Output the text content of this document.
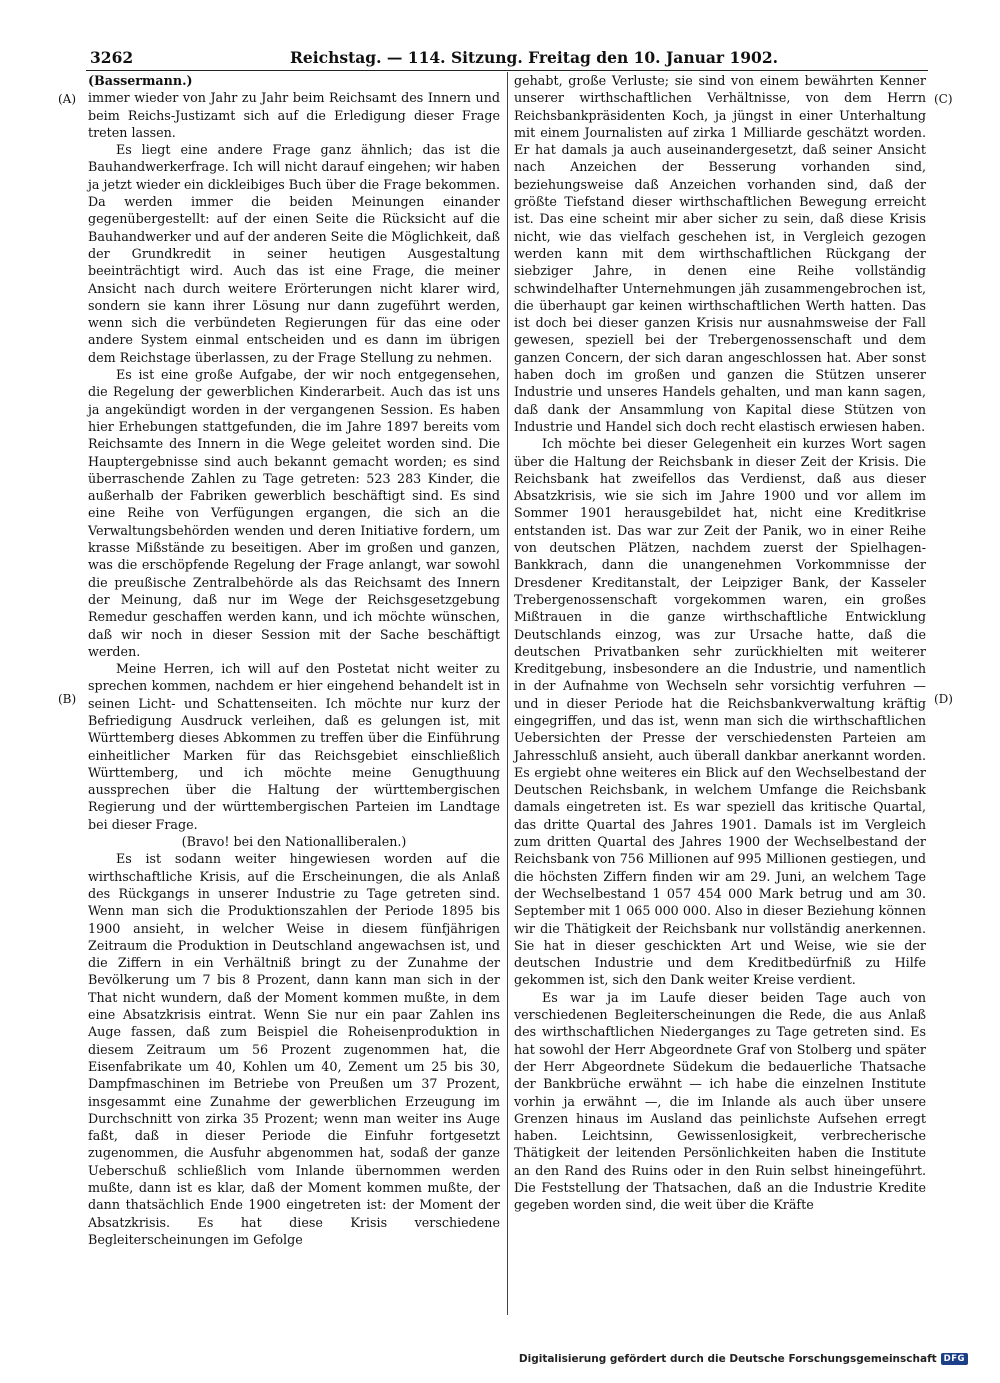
3262	Reichstag. — 114. Sitzung. Freitag den 10. Januar 1902.
(A)
(B)
(C)
(D)

(Bassermann.)

immer wieder von Jahr zu Jahr beim Reichsamt des Innern und beim Reichs-Justizamt sich auf die Erledigung dieser Frage treten lassen.

Es liegt eine andere Frage ganz ähnlich; das ist die Bauhandwerkerfrage. Ich will nicht darauf eingehen; wir haben ja jetzt wieder ein dickleibiges Buch über die Frage bekommen. Da werden immer die beiden Meinungen einander gegenübergestellt: auf der einen Seite die Rücksicht auf die Bauhandwerker und auf der anderen Seite die Möglichkeit, daß der Grundkredit in seiner heutigen Ausgestaltung beeinträchtigt wird. Auch das ist eine Frage, die meiner Ansicht nach durch weitere Erörterungen nicht klarer wird, sondern sie kann ihrer Lösung nur dann zugeführt werden, wenn sich die verbündeten Regierungen für das eine oder andere System einmal entscheiden und es dann im übrigen dem Reichstage überlassen, zu der Frage Stellung zu nehmen.

Es ist eine große Aufgabe, der wir noch entgegensehen, die Regelung der gewerblichen Kinderarbeit. Auch das ist uns ja angekündigt worden in der vergangenen Session. Es haben hier Erhebungen stattgefunden, die im Jahre 1897 bereits vom Reichsamte des Innern in die Wege geleitet worden sind. Die Hauptergebnisse sind auch bekannt gemacht worden; es sind überraschende Zahlen zu Tage getreten: 523 283 Kinder, die außerhalb der Fabriken gewerblich beschäftigt sind. Es sind eine Reihe von Verfügungen ergangen, die sich an die Verwaltungsbehörden wenden und deren Initiative fordern, um krasse Mißstände zu beseitigen. Aber im großen und ganzen, was die erschöpfende Regelung der Frage anlangt, war sowohl die preußische Zentralbehörde als das Reichsamt des Innern der Meinung, daß nur im Wege der Reichsgesetzgebung Remedur geschaffen werden kann, und ich möchte wünschen, daß wir noch in dieser Session mit der Sache beschäftigt werden.

Meine Herren, ich will auf den Postetat nicht weiter zu sprechen kommen, nachdem er hier eingehend behandelt ist in seinen Licht- und Schattenseiten. Ich möchte nur kurz der Befriedigung Ausdruck verleihen, daß es gelungen ist, mit Württemberg dieses Abkommen zu treffen über die Einführung einheitlicher Marken für das Reichsgebiet einschließlich Württemberg, und ich möchte meine Genugthuung aussprechen über die Haltung der württembergischen Regierung und der württembergischen Parteien im Landtage bei dieser Frage.

(Bravo! bei den Nationalliberalen.)

Es ist sodann weiter hingewiesen worden auf die wirthschaftliche Krisis, auf die Erscheinungen, die als Anlaß des Rückgangs in unserer Industrie zu Tage getreten sind. Wenn man sich die Produktionszahlen der Periode 1895 bis 1900 ansieht, in welcher Weise in diesem fünfjährigen Zeitraum die Produktion in Deutschland angewachsen ist, und die Ziffern in ein Verhältniß bringt zu der Zunahme der Bevölkerung um 7 bis 8 Prozent, dann kann man sich in der That nicht wundern, daß der Moment kommen mußte, in dem eine Absatzkrisis eintrat. Wenn Sie nur ein paar Zahlen ins Auge fassen, daß zum Beispiel die Roheisenproduktion in diesem Zeitraum um 56 Prozent zugenommen hat, die Eisenfabrikate um 40, Kohlen um 40, Zement um 25 bis 30, Dampfmaschinen im Betriebe von Preußen um 37 Prozent, insgesammt eine Zunahme der gewerblichen Erzeugung im Durchschnitt von zirka 35 Prozent; wenn man weiter ins Auge faßt, daß in dieser Periode die Einfuhr fortgesetzt zugenommen, die Ausfuhr abgenommen hat, sodaß der ganze Ueberschuß schließlich vom Inlande übernommen werden mußte, dann ist es klar, daß der Moment kommen mußte, der dann thatsächlich Ende 1900 eingetreten ist: der Moment der Absatzkrisis. Es hat diese Krisis verschiedene Begleiterscheinungen im Gefolge

gehabt, große Verluste; sie sind von einem bewährten Kenner unserer wirthschaftlichen Verhältnisse, von dem Herrn Reichsbankpräsidenten Koch, ja jüngst in einer Unterhaltung mit einem Journalisten auf zirka 1 Milliarde geschätzt worden. Er hat damals ja auch auseinandergesetzt, daß seiner Ansicht nach Anzeichen der Besserung vorhanden sind, beziehungsweise daß Anzeichen vorhanden sind, daß der größte Tiefstand dieser wirthschaftlichen Bewegung erreicht ist. Das eine scheint mir aber sicher zu sein, daß diese Krisis nicht, wie das vielfach geschehen ist, in Vergleich gezogen werden kann mit dem wirthschaftlichen Rückgang der siebziger Jahre, in denen eine Reihe vollständig schwindelhafter Unternehmungen jäh zusammengebrochen ist, die überhaupt gar keinen wirthschaftlichen Werth hatten. Das ist doch bei dieser ganzen Krisis nur ausnahmsweise der Fall gewesen, speziell bei der Trebergenossenschaft und dem ganzen Concern, der sich daran angeschlossen hat. Aber sonst haben doch im großen und ganzen die Stützen unserer Industrie und unseres Handels gehalten, und man kann sagen, daß dank der Ansammlung von Kapital diese Stützen von Industrie und Handel sich doch recht elastisch erwiesen haben.

Ich möchte bei dieser Gelegenheit ein kurzes Wort sagen über die Haltung der Reichsbank in dieser Zeit der Krisis. Die Reichsbank hat zweifellos das Verdienst, daß aus dieser Absatzkrisis, wie sie sich im Jahre 1900 und vor allem im Sommer 1901 herausgebildet hat, nicht eine Kreditkrise entstanden ist. Das war zur Zeit der Panik, wo in einer Reihe von deutschen Plätzen, nachdem zuerst der Spielhagen-Bankkrach, dann die unangenehmen Vorkommnisse der Dresdener Kreditanstalt, der Leipziger Bank, der Kasseler Trebergenossenschaft vorgekommen waren, ein großes Mißtrauen in die ganze wirthschaftliche Entwicklung Deutschlands einzog, was zur Ursache hatte, daß die deutschen Privatbanken sehr zurückhielten mit weiterer Kreditgebung, insbesondere an die Industrie, und namentlich in der Aufnahme von Wechseln sehr vorsichtig verfuhren — und in dieser Periode hat die Reichsbankverwaltung kräftig eingegriffen, und das ist, wenn man sich die wirthschaftlichen Uebersichten der Presse der verschiedensten Parteien am Jahresschluß ansieht, auch überall dankbar anerkannt worden. Es ergiebt ohne weiteres ein Blick auf den Wechselbestand der Deutschen Reichsbank, in welchem Umfange die Reichsbank damals eingetreten ist. Es war speziell das kritische Quartal, das dritte Quartal des Jahres 1901. Damals ist im Vergleich zum dritten Quartal des Jahres 1900 der Wechselbestand der Reichsbank von 756 Millionen auf 995 Millionen gestiegen, und die höchsten Ziffern finden wir am 29. Juni, an welchem Tage der Wechselbestand 1 057 454 000 Mark betrug und am 30. September mit 1 065 000 000. Also in dieser Beziehung können wir die Thätigkeit der Reichsbank nur vollständig anerkennen. Sie hat in dieser geschickten Art und Weise, wie sie der deutschen Industrie und dem Kreditbedürfniß zu Hilfe gekommen ist, sich den Dank weiter Kreise verdient.

Es war ja im Laufe dieser beiden Tage auch von verschiedenen Begleiterscheinungen die Rede, die aus Anlaß des wirthschaftlichen Niederganges zu Tage getreten sind. Es hat sowohl der Herr Abgeordnete Graf von Stolberg und später der Herr Abgeordnete Südekum die bedauerliche Thatsache der Bankbrüche erwähnt — ich habe die einzelnen Institute vorhin ja erwähnt —, die im Inlande als auch über unsere Grenzen hinaus im Ausland das peinlichste Aufsehen erregt haben. Leichtsinn, Gewissenlosigkeit, verbrecherische Thätigkeit der leitenden Persönlichkeiten haben die Institute an den Rand des Ruins oder in den Ruin selbst hineingeführt. Die Feststellung der Thatsachen, daß an die Industrie Kredite gegeben worden sind, die weit über die Kräfte

Digitalisierung gefördert durch die Deutsche Forschungsgemeinschaft DFG
